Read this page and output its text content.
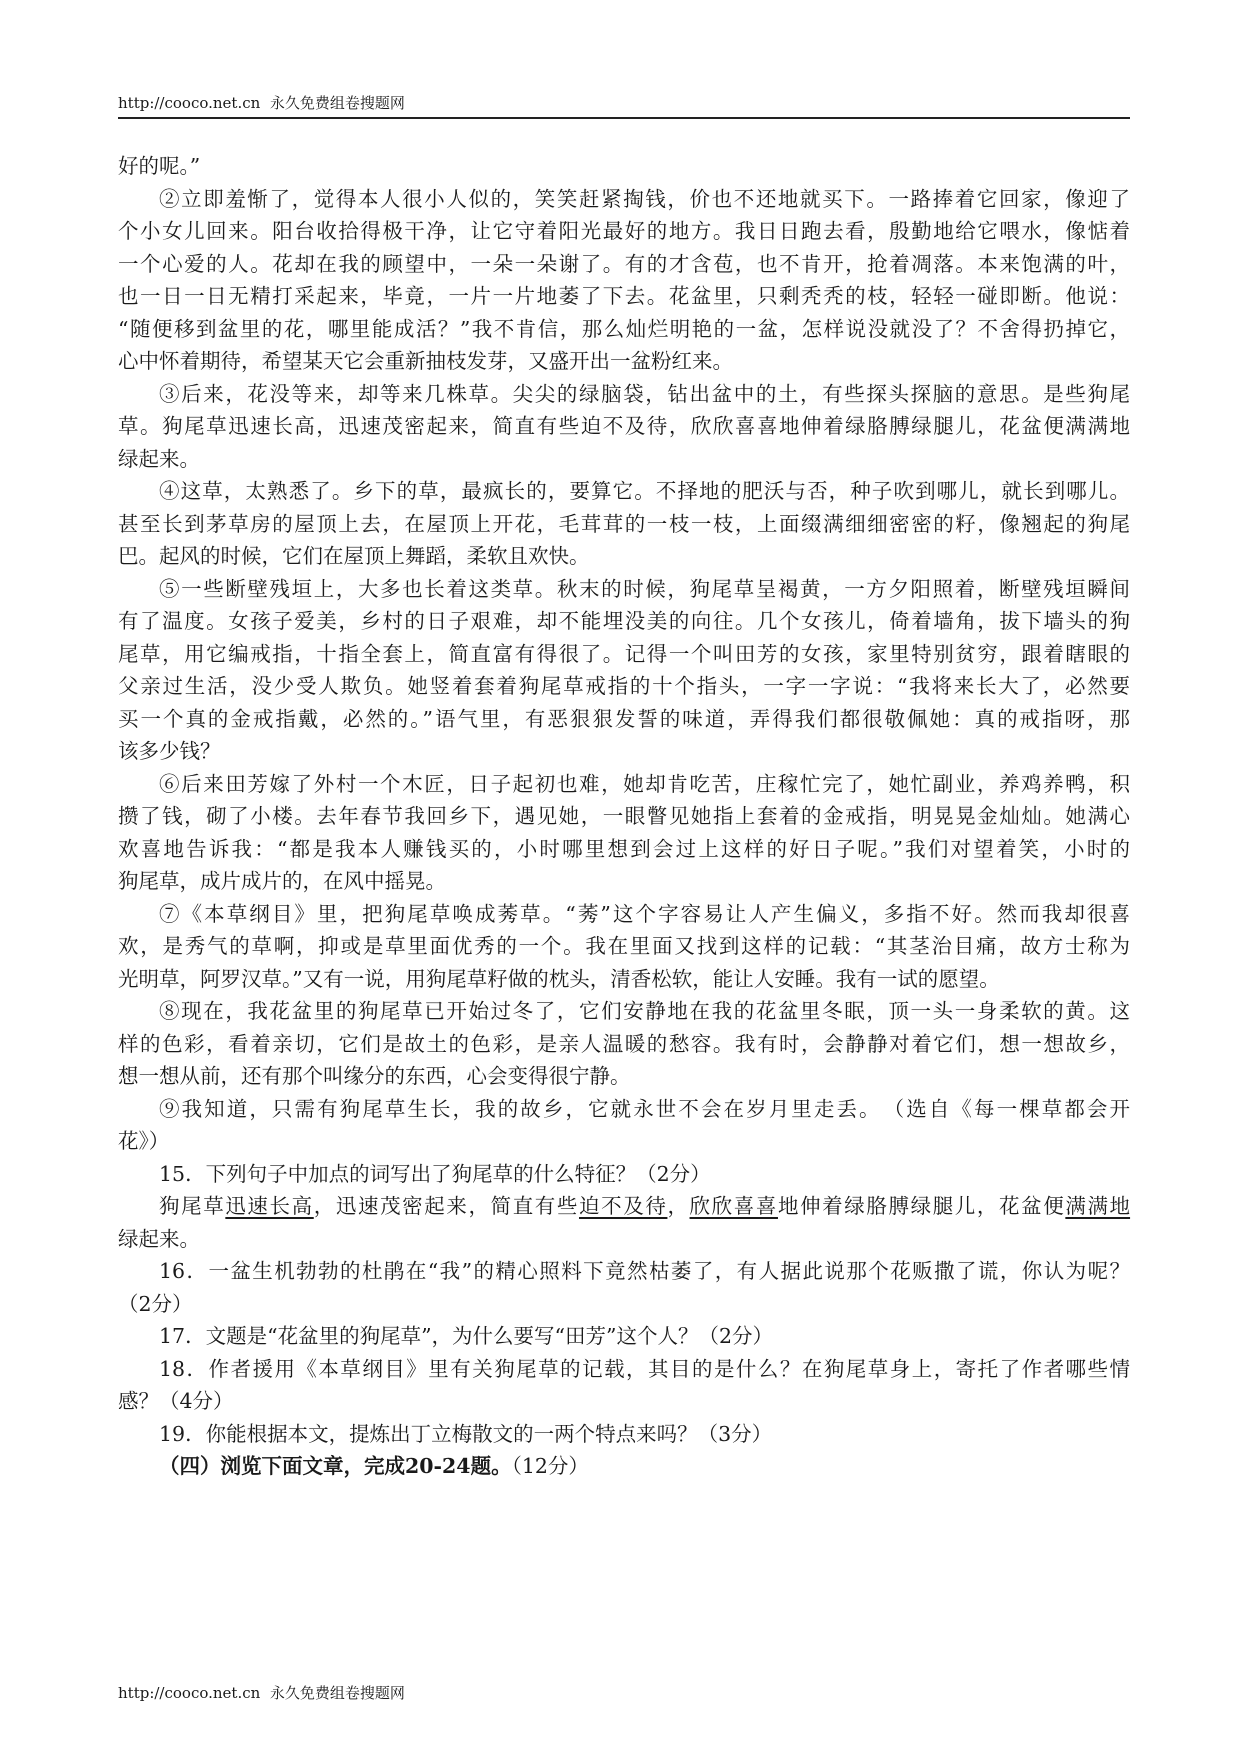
http://cooco.net.cn 永久免费组卷搜题网
好的呢。”
②立即羞惭了，觉得本人很小人似的，笑笑赶紧掏钱，价也不还地就买下。一路捧着它回家，像迎了
个小女儿回来。阳台收拾得极干净，让它守着阳光最好的地方。我日日跑去看，殷勤地给它喂水，像惦着
一个心爱的人。花却在我的顾望中，一朵一朵谢了。有的才含苞，也不肯开，抢着凋落。本来饱满的叶，
也一日一日无精打采起来，毕竟，一片一片地萎了下去。花盆里，只剩秃秃的枝，轻轻一碰即断。他说：
“随便移到盆里的花，哪里能成活？”我不肯信，那么灿烂明艳的一盆，怎样说没就没了？不舍得扔掉它，
心中怀着期待，希望某天它会重新抽枝发芽，又盛开出一盆粉红来。
③后来，花没等来，却等来几株草。尖尖的绿脑袋，钻出盆中的土，有些探头探脑的意思。是些狗尾
草。狗尾草迅速长高，迅速茂密起来，简直有些迫不及待，欣欣喜喜地伸着绿胳膊绿腿儿，花盆便满满地
绿起来。
④这草，太熟悉了。乡下的草，最疯长的，要算它。不择地的肥沃与否，种子吹到哪儿，就长到哪儿。
甚至长到茅草房的屋顶上去，在屋顶上开花，毛茸茸的一枝一枝，上面缀满细细密密的籽，像翘起的狗尾
巴。起风的时候，它们在屋顶上舞蹈，柔软且欢快。
⑤一些断壁残垣上，大多也长着这类草。秋末的时候，狗尾草呈褐黄，一方夕阳照着，断壁残垣瞬间
有了温度。女孩子爱美，乡村的日子艰难，却不能埋没美的向往。几个女孩儿，倚着墙角，拔下墙头的狗
尾草，用它编戒指，十指全套上，简直富有得很了。记得一个叫田芳的女孩，家里特别贫穷，跟着瞎眼的
父亲过生活，没少受人欺负。她竖着套着狗尾草戒指的十个指头，一字一字说：“我将来长大了，必然要
买一个真的金戒指戴，必然的。”语气里，有恶狠狠发誓的味道，弄得我们都很敬佩她：真的戒指呀，那
该多少钱？
⑥后来田芳嫁了外村一个木匠，日子起初也难，她却肯吃苦，庄稼忙完了，她忙副业，养鸡养鸭，积
攒了钱，砌了小楼。去年春节我回乡下，遇见她，一眼瞥见她指上套着的金戒指，明晃晃金灿灿。她满心
欢喜地告诉我：“都是我本人赚钱买的，小时哪里想到会过上这样的好日子呢。”我们对望着笑，小时的
狗尾草，成片成片的，在风中摇晃。
⑦《本草纲目》里，把狗尾草唤成莠草。“莠”这个字容易让人产生偏义，多指不好。然而我却很喜
欢，是秀气的草啊，抑或是草里面优秀的一个。我在里面又找到这样的记载：“其茎治目痛，故方士称为
光明草，阿罗汉草。”又有一说，用狗尾草籽做的枕头，清香松软，能让人安睡。我有一试的愿望。
⑧现在，我花盆里的狗尾草已开始过冬了，它们安静地在我的花盆里冬眠，顶一头一身柔软的黄。这
样的色彩，看着亲切，它们是故土的色彩，是亲人温暖的愁容。我有时，会静静对着它们，想一想故乡，
想一想从前，还有那个叫缘分的东西，心会变得很宁静。
⑨我知道，只需有狗尾草生长，我的故乡，它就永世不会在岁月里走丢。　（选自《每一棵草都会开
花》）
15．下列句子中加点的词写出了狗尾草的什么特征？（2分）
狗尾草迅速长高，迅速茂密起来，简直有些迫不及待，欣欣喜喜地伸着绿胳膊绿腿儿，花盆便满满地
绿起来。
16．一盆生机勃勃的杜鹃在“我”的精心照料下竟然枯萎了，有人据此说那个花贩撒了谎，你认为呢？
（2分）
17．文题是“花盆里的狗尾草”，为什么要写“田芳”这个人？（2分）
18．作者援用《本草纲目》里有关狗尾草的记载，其目的是什么？在狗尾草身上，寄托了作者哪些情
感？（4分）
19．你能根据本文，提炼出丁立梅散文的一两个特点来吗？（3分）
（四）浏览下面文章，完成20-24题。（12分）
http://cooco.net.cn 永久免费组卷搜题网
